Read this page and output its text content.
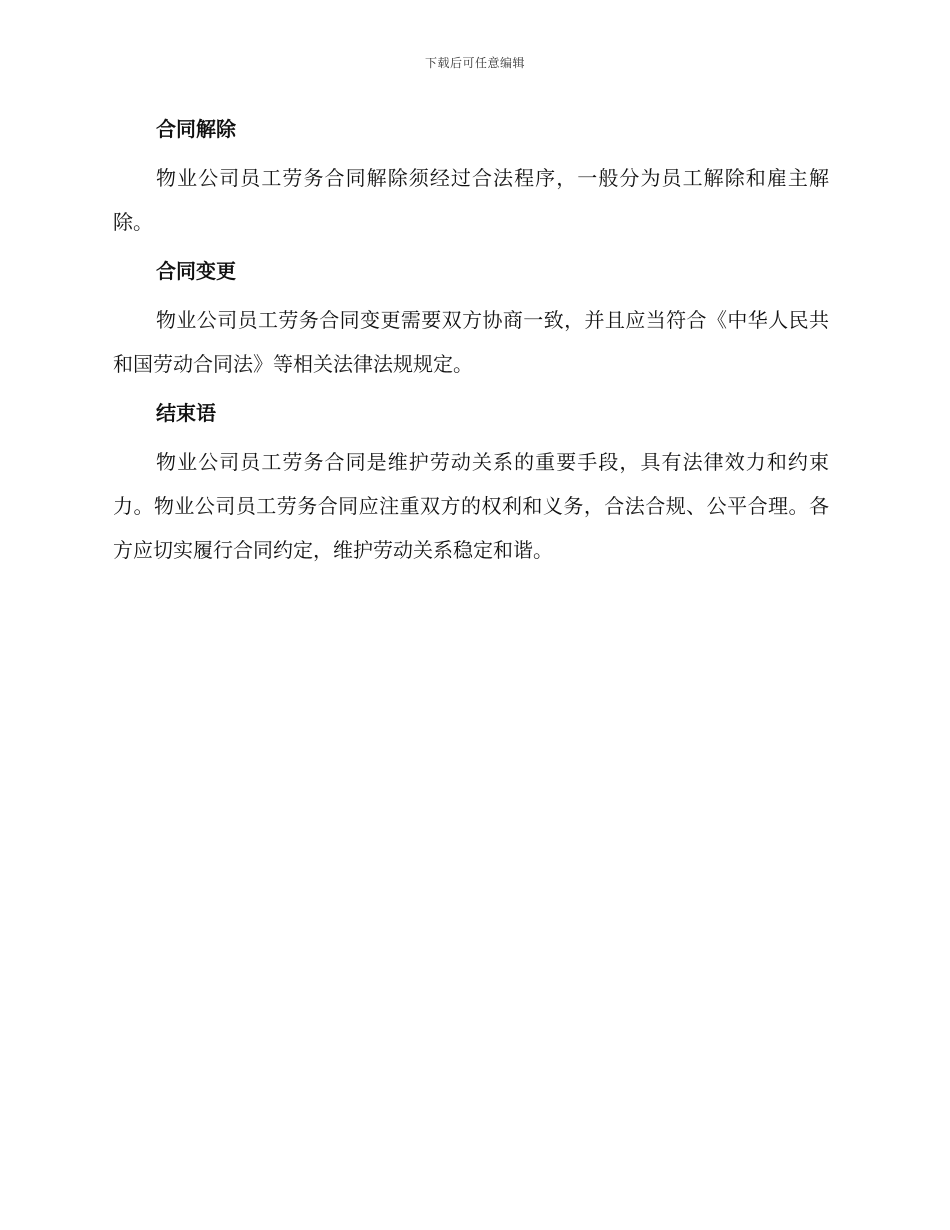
下载后可任意编辑
合同解除

物业公司员工劳务合同解除须经过合法程序，一般分为员工解除和雇主解除。

合同变更

物业公司员工劳务合同变更需要双方协商一致，并且应当符合《中华人民共和国劳动合同法》等相关法律法规规定。

结束语

物业公司员工劳务合同是维护劳动关系的重要手段，具有法律效力和约束力。物业公司员工劳务合同应注重双方的权利和义务，合法合规、公平合理。各方应切实履行合同约定，维护劳动关系稳定和谐。
